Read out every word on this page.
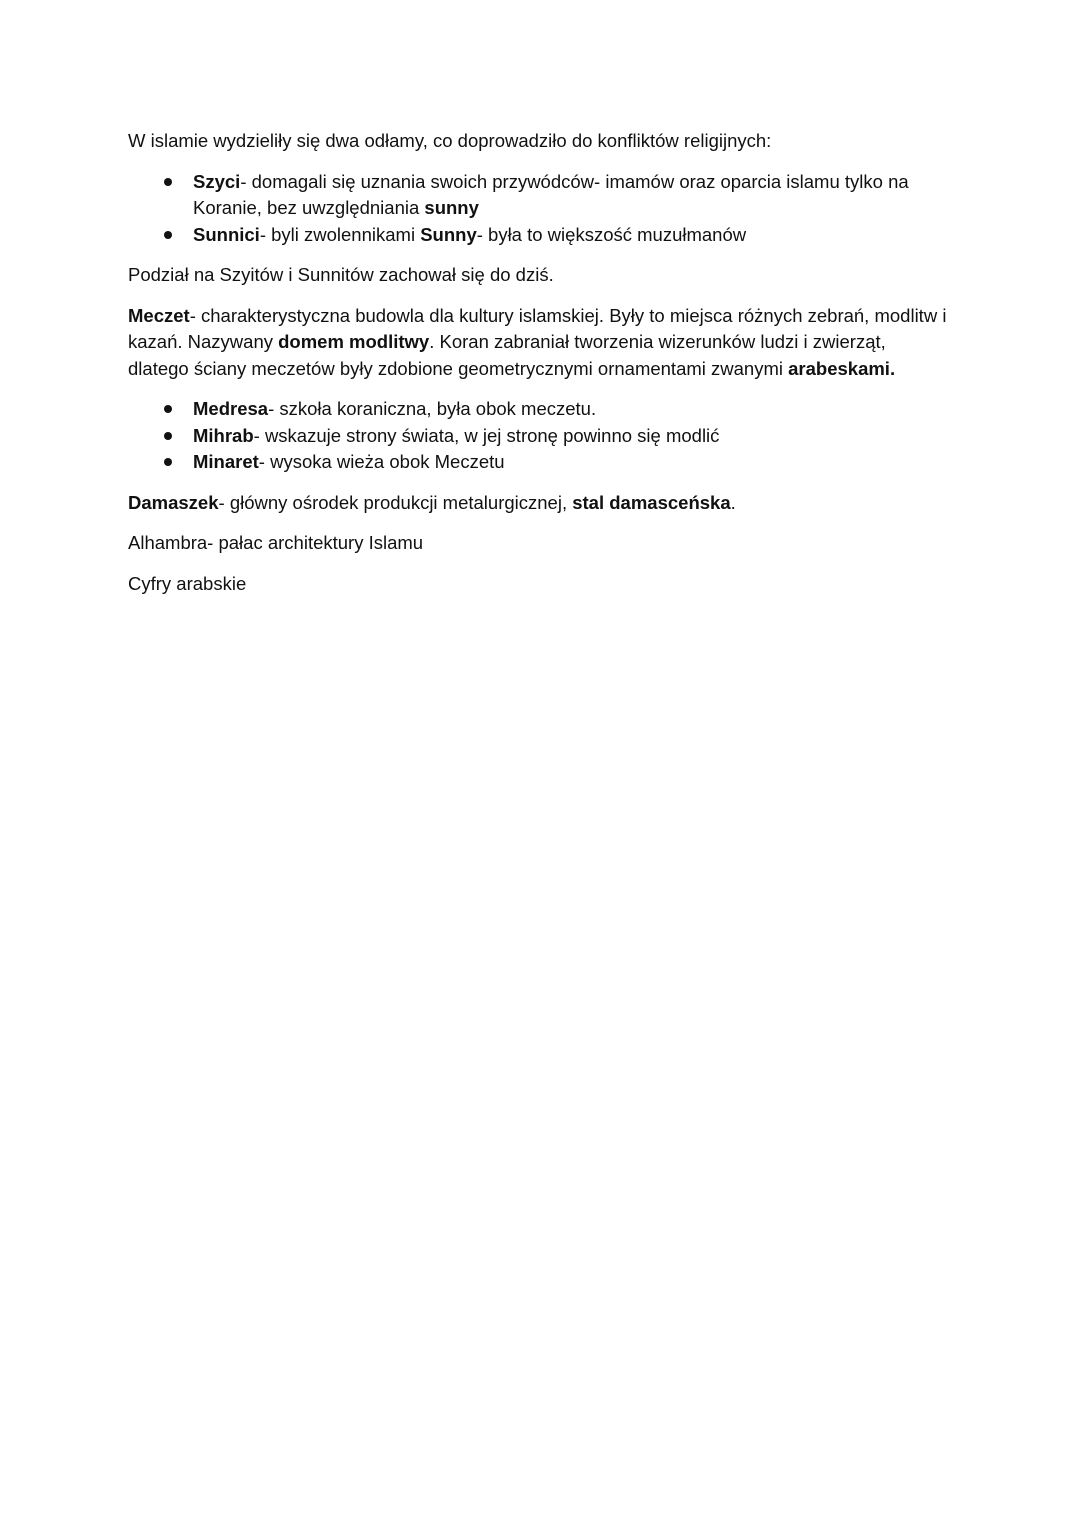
W islamie wydzieliły się dwa odłamy, co doprowadziło do konfliktów religijnych:

Szyci- domagali się uznania swoich przywódców- imamów oraz oparcia islamu tylko na Koranie, bez uwzględniania sunny
Sunnici- byli zwolennikami Sunny- była to większość muzułmanów

Podział na Szyitów i Sunnitów zachował się do dziś.

Meczet- charakterystyczna budowla dla kultury islamskiej. Były to miejsca różnych zebrań, modlitw i kazań. Nazywany domem modlitwy. Koran zabraniał tworzenia wizerunków ludzi i zwierząt, dlatego ściany meczetów były zdobione geometrycznymi ornamentami zwanymi arabeskami.

Medresa- szkoła koraniczna, była obok meczetu.
Mihrab- wskazuje strony świata, w jej stronę powinno się modlić
Minaret- wysoka wieża obok Meczetu

Damaszek- główny ośrodek produkcji metalurgicznej, stal damasceńska.

Alhambra- pałac architektury Islamu

Cyfry arabskie
